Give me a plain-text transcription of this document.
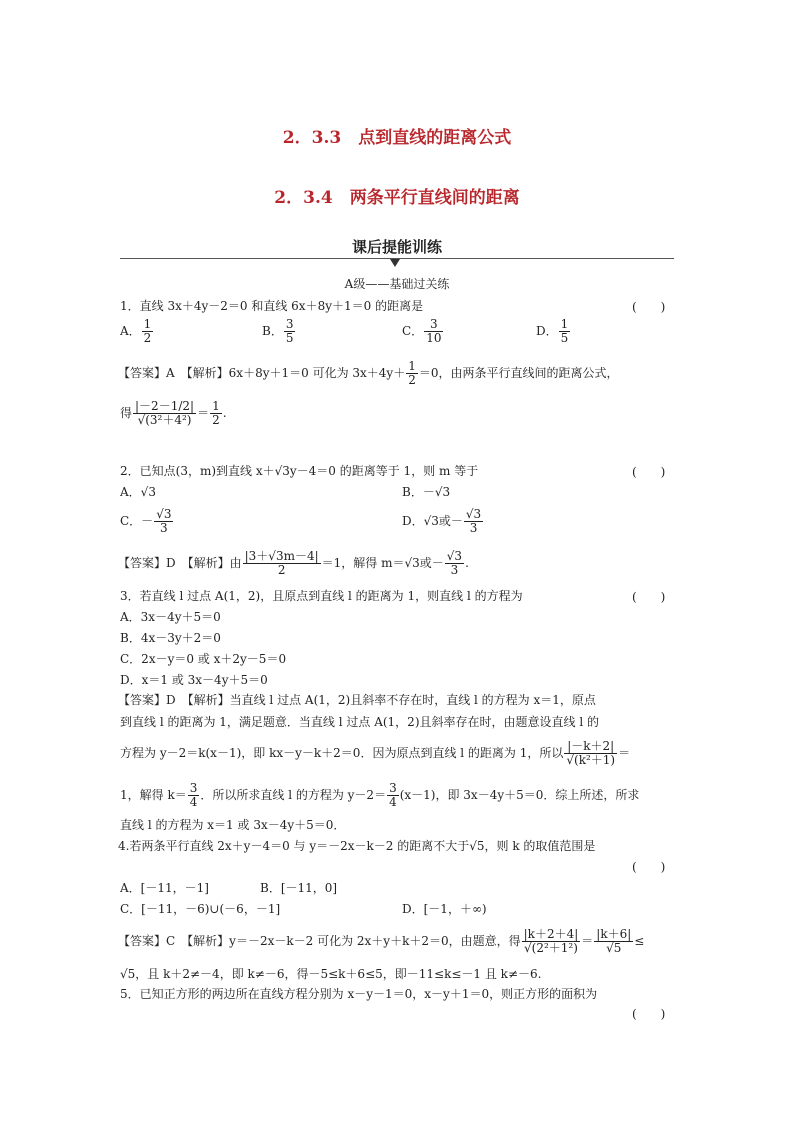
2．3.3　点到直线的距离公式
2．3.4　两条平行直线间的距离
课后提能训练
A级——基础过关练
1．直线 3x＋4y－2＝0 和直线 6x＋8y＋1＝0 的距离是	(　　)
A． $\frac{1}{2}$	B． $\frac{3}{5}$	C． $\frac{3}{10}$	D． $\frac{1}{5}$
【答案】A　【解析】6x＋8y＋1＝0 可化为 $3x+4y+ \frac{1}{2} =0$，由两条平行直线间的距离公式，
得 $\frac{|-2-1/2|}{\text{√(3²＋4²)}} = \frac{1}{2}$ .
2．已知点(3，m)到直线 x＋√3y－4＝0 的距离等于 1，则 m 等于	(　　)
A．√3	B．－√3
C．－ $\frac{√3}{3}$	D．√3或－ $\frac{√3}{3}$
【答案】D　【解析】由 $\frac{|3+√3m-4|}{2} =1$，解得 m＝√3或－ $\frac{√3}{3}$ .
3．若直线 l 过点 A(1，2)，且原点到直线 l 的距离为 1，则直线 l 的方程为	(　　)
A．3x－4y＋5＝0
B．4x－3y＋2＝0
C．2x－y＝0 或 x＋2y－5＝0
D．x＝1 或 3x－4y＋5＝0
【答案】D　【解析】当直线 l 过点 A(1，2)且斜率不存在时，直线 l 的方程为 x＝1，原点
到直线 l 的距离为 1，满足题意．当直线 l 过点 A(1，2)且斜率存在时，由题意设直线 l 的
方程为 y－2＝k(x－1)，即 kx－y－k＋2＝0．因为原点到直线 l 的距离为 1，所以 $\frac{|-k+2|}{\text{√(k²＋1)}}$ ＝
1，解得 $k= \frac{3}{4}$ ．所以所求直线 l 的方程为 $y-2= \frac{3}{4} (x-1)$，即 3x－4y＋5＝0．综上所述，所求
直线 l 的方程为 x＝1 或 3x－4y＋5＝0．
4.若两条平行直线 2x＋y－4＝0 与 y＝－2x－k－2 的距离不大于√5，则 k 的取值范围是
(　　)
A．[－11，－1]	B．[－11，0]
C．[－11，－6)∪(－6，－1]	D．[－1，＋∞)
【答案】C　【解析】y＝－2x－k－2 可化为 2x＋y＋k＋2＝0，由题意，得 $\frac{|k+2+4|}{\text{√(2²＋1²)}} = \frac{|k+6|}{√5}$ ≤
√5，且 k＋2≠－4，即 k≠－6，得－5≤k＋6≤5，即－11≤k≤－1 且 k≠－6.
5．已知正方形的两边所在直线方程分别为 x－y－1＝0，x－y＋1＝0，则正方形的面积为
(　　)
